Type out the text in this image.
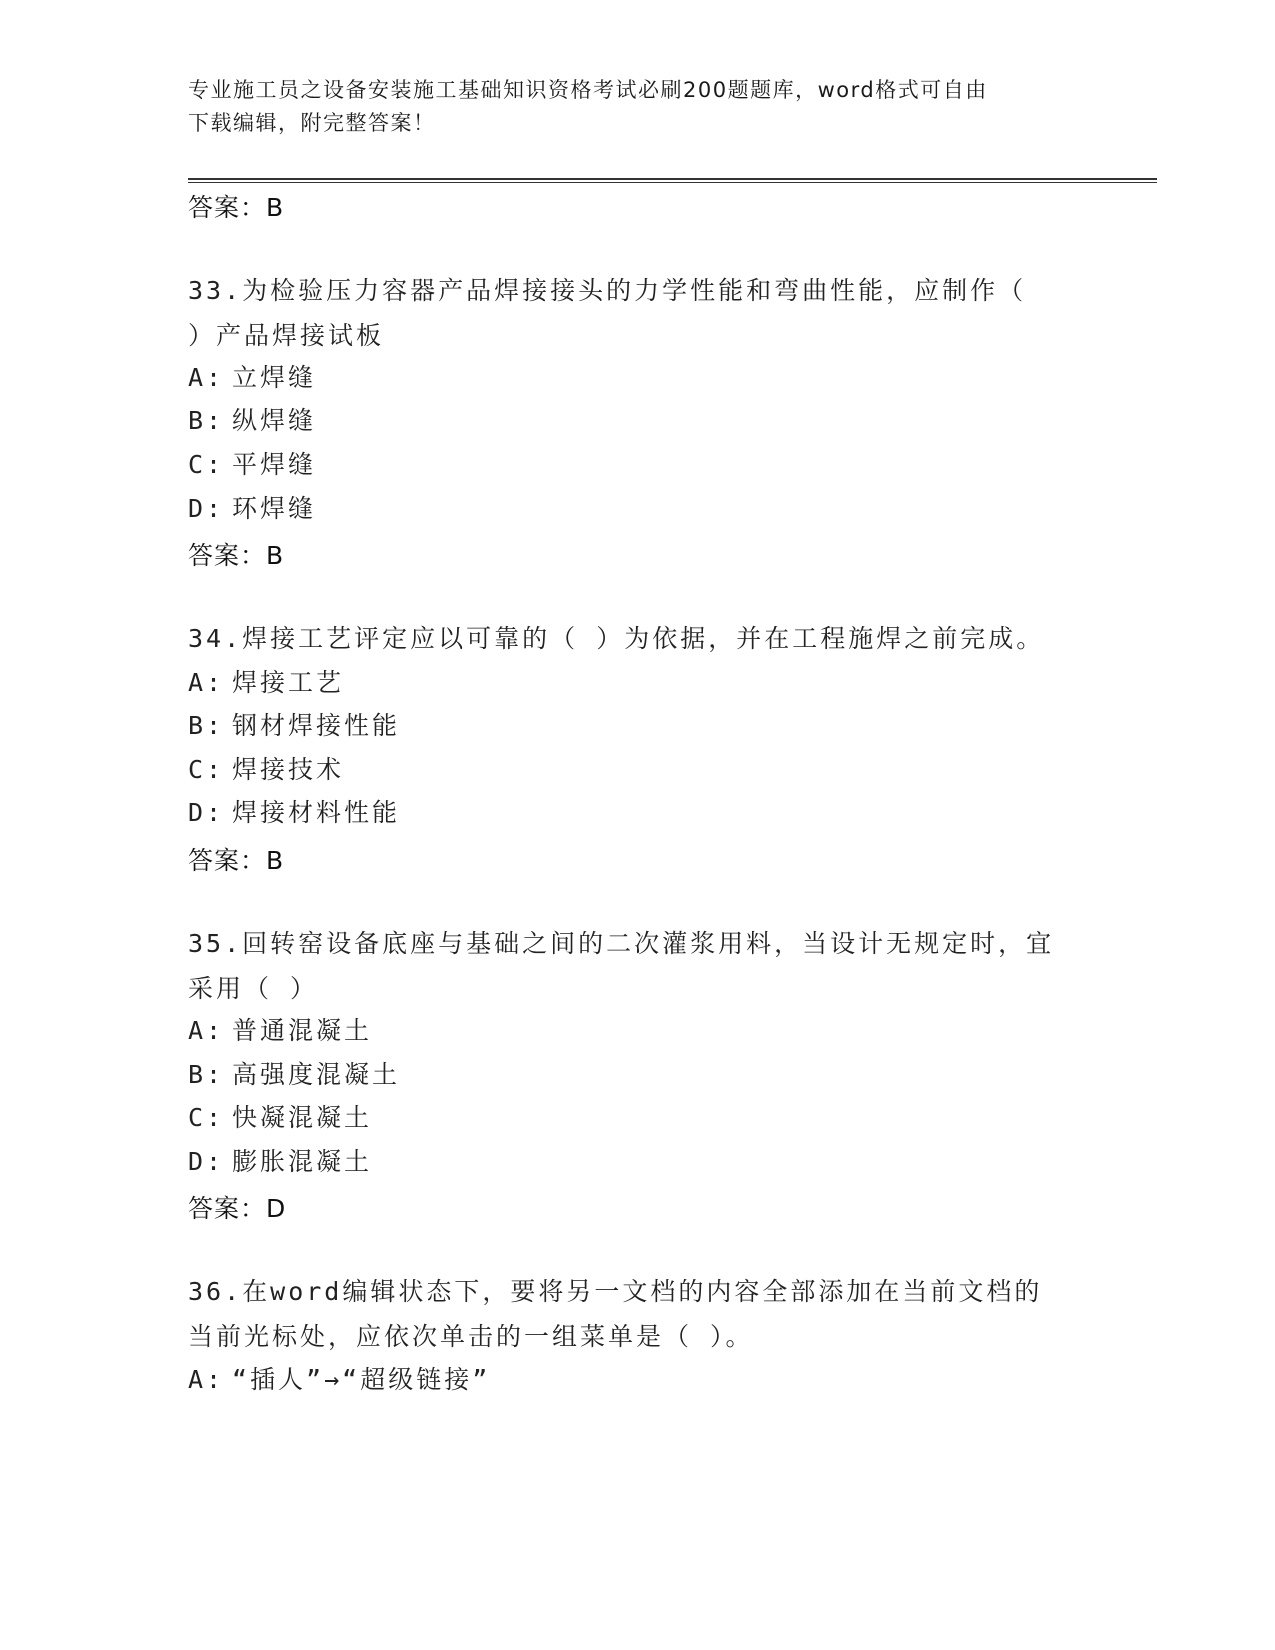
专业施工员之设备安装施工基础知识资格考试必刷200题题库，word格式可自由
下载编辑，附完整答案！
答案：B
33.为检验压力容器产品焊接接头的力学性能和弯曲性能，应制作（
）产品焊接试板
A: 立焊缝
B: 纵焊缝
C: 平焊缝
D: 环焊缝
答案：B
34.焊接工艺评定应以可靠的（ ）为依据，并在工程施焊之前完成。
A: 焊接工艺
B: 钢材焊接性能
C: 焊接技术
D: 焊接材料性能
答案：B
35.回转窑设备底座与基础之间的二次灌浆用料，当设计无规定时，宜
采用（ ）
A: 普通混凝土
B: 高强度混凝土
C: 快凝混凝土
D: 膨胀混凝土
答案：D
36.在word编辑状态下，要将另一文档的内容全部添加在当前文档的
当前光标处，应依次单击的一组菜单是（ ）。
A: “插人”→“超级链接”
